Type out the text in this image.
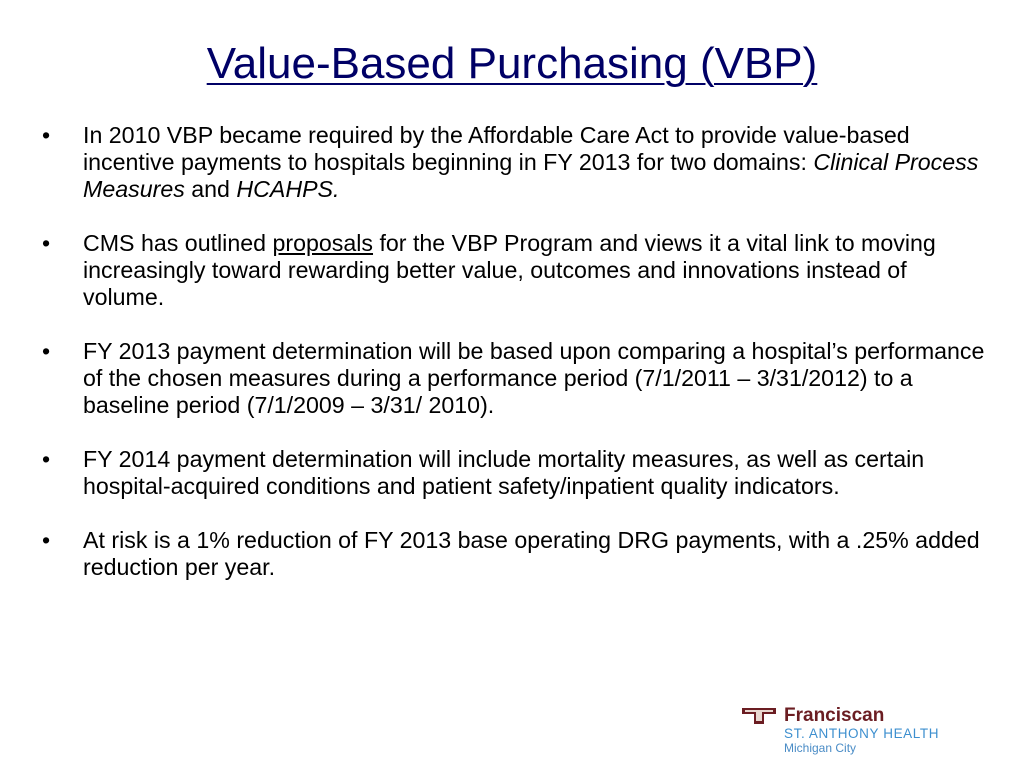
Value-Based Purchasing (VBP)
• In 2010 VBP became required by the Affordable Care Act to provide value-based incentive payments to hospitals beginning in FY 2013 for two domains: Clinical Process Measures and HCAHPS.
• CMS has outlined proposals for the VBP Program and views it a vital link to moving increasingly toward rewarding better value, outcomes and innovations instead of volume.
• FY 2013 payment determination will be based upon comparing a hospital’s performance of the chosen measures during a performance period (7/1/2011 – 3/31/2012) to a baseline period (7/1/2009 – 3/31/ 2010).
• FY 2014 payment determination will include mortality measures, as well as certain hospital-acquired conditions and patient safety/inpatient quality indicators.
• At risk is a 1% reduction of FY 2013 base operating DRG payments, with a .25% added reduction per year.
Franciscan
ST. ANTHONY HEALTH
Michigan City
